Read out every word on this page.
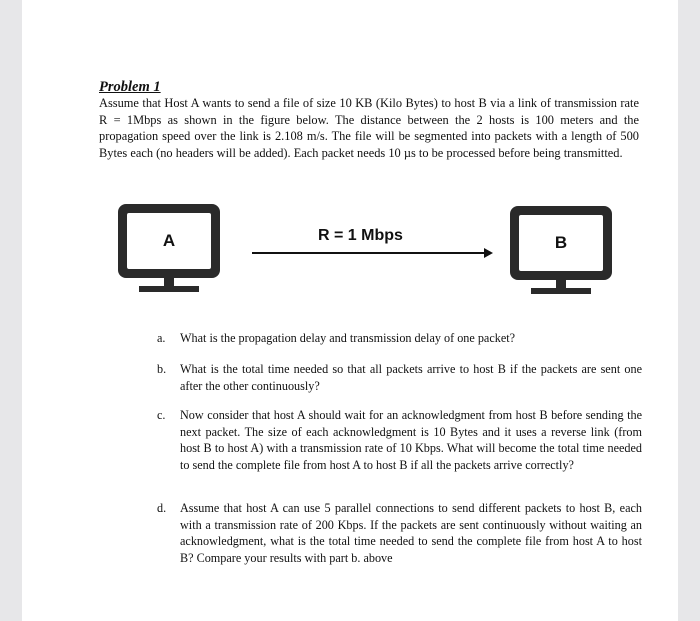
Problem 1

Assume that Host A wants to send a file of size 10 KB (Kilo Bytes) to host B via a link of transmission rate R = 1Mbps as shown in the figure below. The distance between the 2 hosts is 100 meters and the propagation speed over the link is 2.108 m/s. The file will be segmented into packets with a length of 500 Bytes each (no headers will be added). Each packet needs 10 µs to be processed before being transmitted.

A	R = 1 Mbps	B
a.	What is the propagation delay and transmission delay of one packet?
b.	What is the total time needed so that all packets arrive to host B if the packets are sent one after the other continuously?
c.	Now consider that host A should wait for an acknowledgment from host B before sending the next packet. The size of each acknowledgment is 10 Bytes and it uses a reverse link (from host B to host A) with a transmission rate of 10 Kbps. What will become the total time needed to send the complete file from host A to host B if all the packets arrive correctly?
d.	Assume that host A can use 5 parallel connections to send different packets to host B, each with a transmission rate of 200 Kbps. If the packets are sent continuously without waiting an acknowledgment, what is the total time needed to send the complete file from host A to host B? Compare your results with part b. above
